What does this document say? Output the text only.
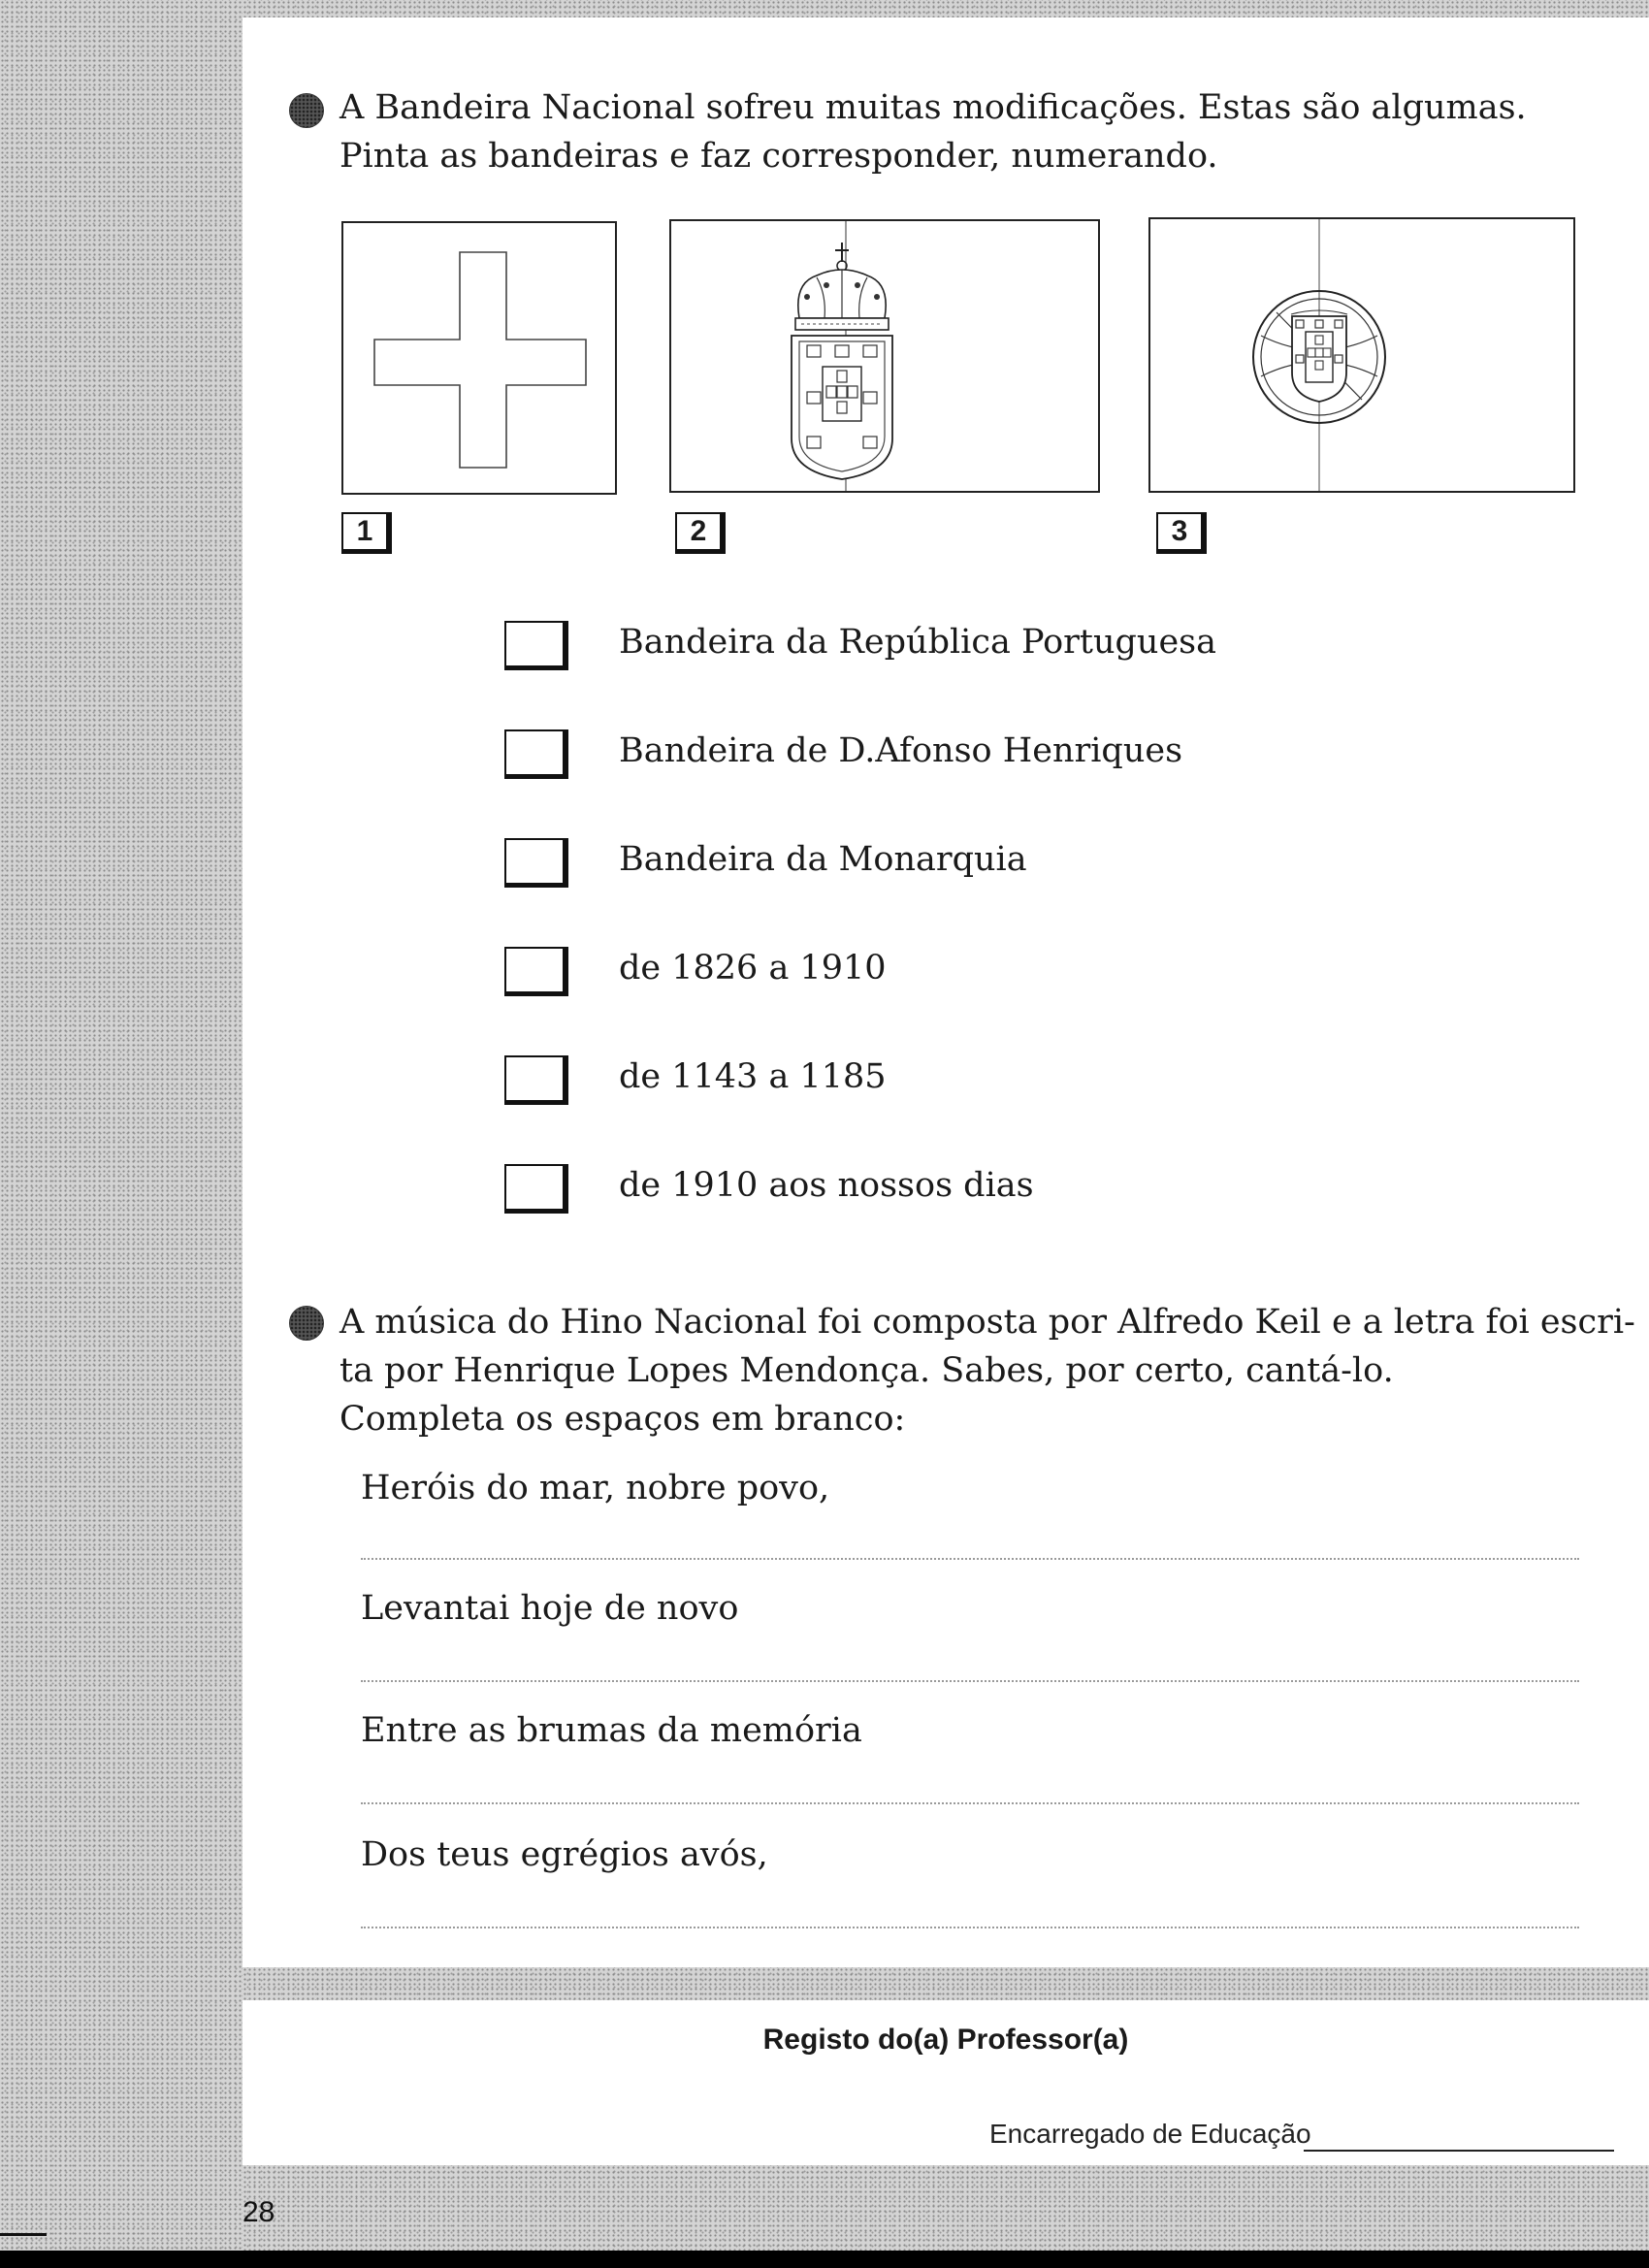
A Bandeira Nacional sofreu muitas modificações. Estas são algumas.
Pinta as bandeiras e faz corresponder, numerando.
1	2	3
Bandeira da República Portuguesa
Bandeira de D.Afonso Henriques
Bandeira da Monarquia
de 1826 a 1910
de 1143 a 1185
de 1910 aos nossos dias
A música do Hino Nacional foi composta por Alfredo Keil e a letra foi escri-
ta por Henrique Lopes Mendonça. Sabes, por certo, cantá-lo.
Completa os espaços em branco:
Heróis do mar, nobre povo,
Levantai hoje de novo
Entre as brumas da memória
Dos teus egrégios avós,
Registo do(a) Professor(a)
Encarregado de Educação
28
